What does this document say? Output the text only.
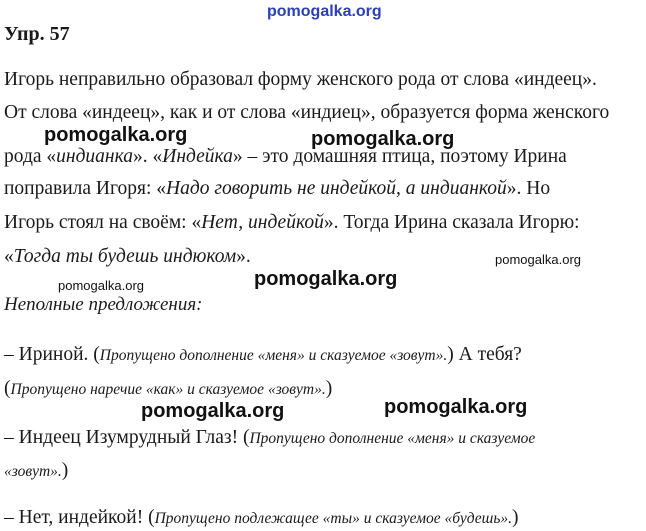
pomogalka.org
pomogalka.org	pomogalka.org
pomogalka.org
pomogalka.org
pomogalka.org
pomogalka.org	pomogalka.org
Упр. 57
Игорь неправильно образовал форму женского рода от слова «индеец».
От слова «индеец», как и от слова «индиец», образуется форма женского
рода «индианка». «Индейка» – это домашняя птица, поэтому Ирина
поправила Игоря: «Надо говорить не индейкой, а индианкой». Но
Игорь стоял на своём: «Нет, индейкой». Тогда Ирина сказала Игорю:
«Тогда ты будешь индюком».
Неполные предложения:
– Ириной. (Пропущено дополнение «меня» и сказуемое «зовут».) А тебя?
(Пропущено наречие «как» и сказуемое «зовут».)
– Индеец Изумрудный Глаз! (Пропущено дополнение «меня» и сказуемое
«зовут».)
– Нет, индейкой! (Пропущено подлежащее «ты» и сказуемое «будешь».)
